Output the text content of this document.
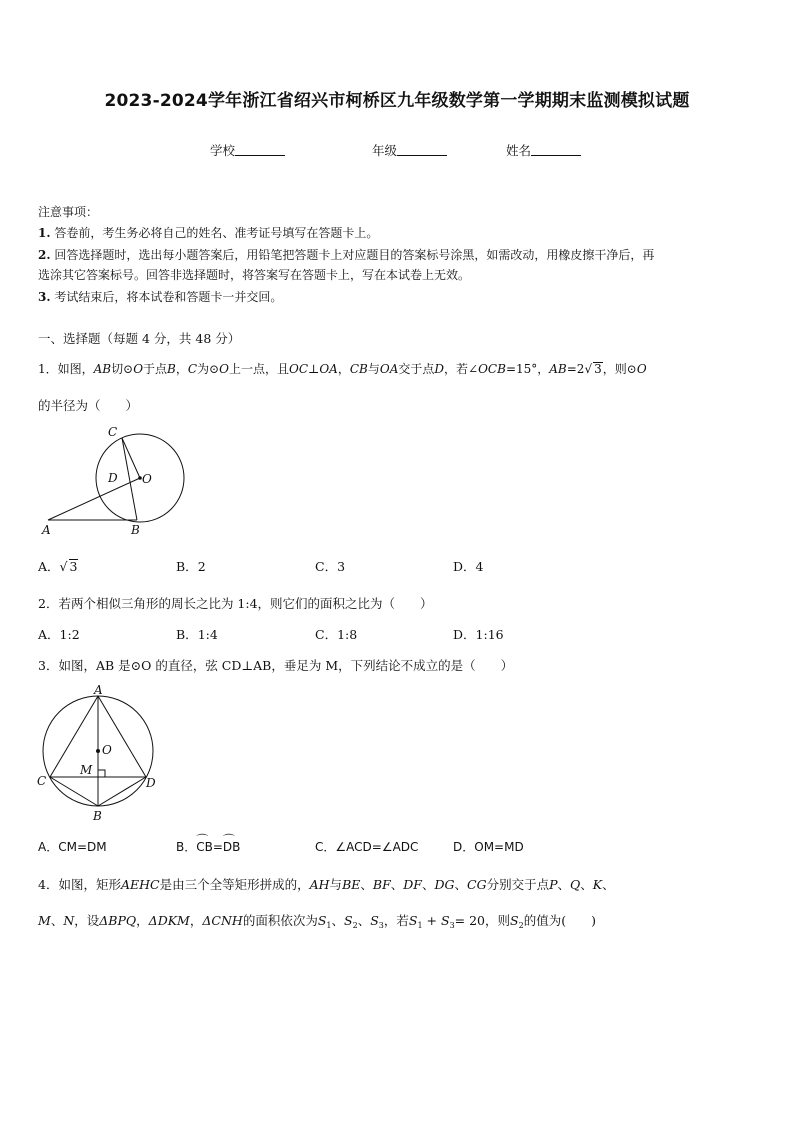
2023-2024学年浙江省绍兴市柯桥区九年级数学第一学期期末监测模拟试题
学校	年级	姓名
注意事项：
1. 答卷前，考生务必将自己的姓名、准考证号填写在答题卡上。
2. 回答选择题时，选出每小题答案后，用铅笔把答题卡上对应题目的答案标号涂黑，如需改动，用橡皮擦干净后，再
选涂其它答案标号。回答非选择题时，将答案写在答题卡上，写在本试卷上无效。
3. 考试结束后，将本试卷和答题卡一并交回。
一、选择题（每题 4 分，共 48 分）
1．如图，AB切⊙O于点B，C为⊙O上一点，且OC⊥OA，CB与OA交于点D，若∠OCB=15°，AB=2√ 3，则⊙O
的半径为（　　）
C
D O
A	B
A．√ 3	B．2	C．3	D．4
2．若两个相似三角形的周长之比为 1:4，则它们的面积之比为（　　）
A．1:2	B．1:4	C．1:8	D．1:16
3．如图，AB 是⊙O 的直径，弦 CD⊥AB，垂足为 M，下列结论不成立的是（　　）
A
O
M
C	D
B
A．CM=DM	B．⌒ CB=⌒ DB	C．∠ACD=∠ADC	D．OM=MD
4．如图，矩形AEHC是由三个全等矩形拼成的，AH与BE、BF、DF、DG、CG分别交于点P、Q、K、
M、N，设ΔBPQ，ΔDKM，ΔCNH的面积依次为$S_1$、$S_2$、$S_3$，若$S_1 + S_3= 20$，则$S_2$的值为(　　)
